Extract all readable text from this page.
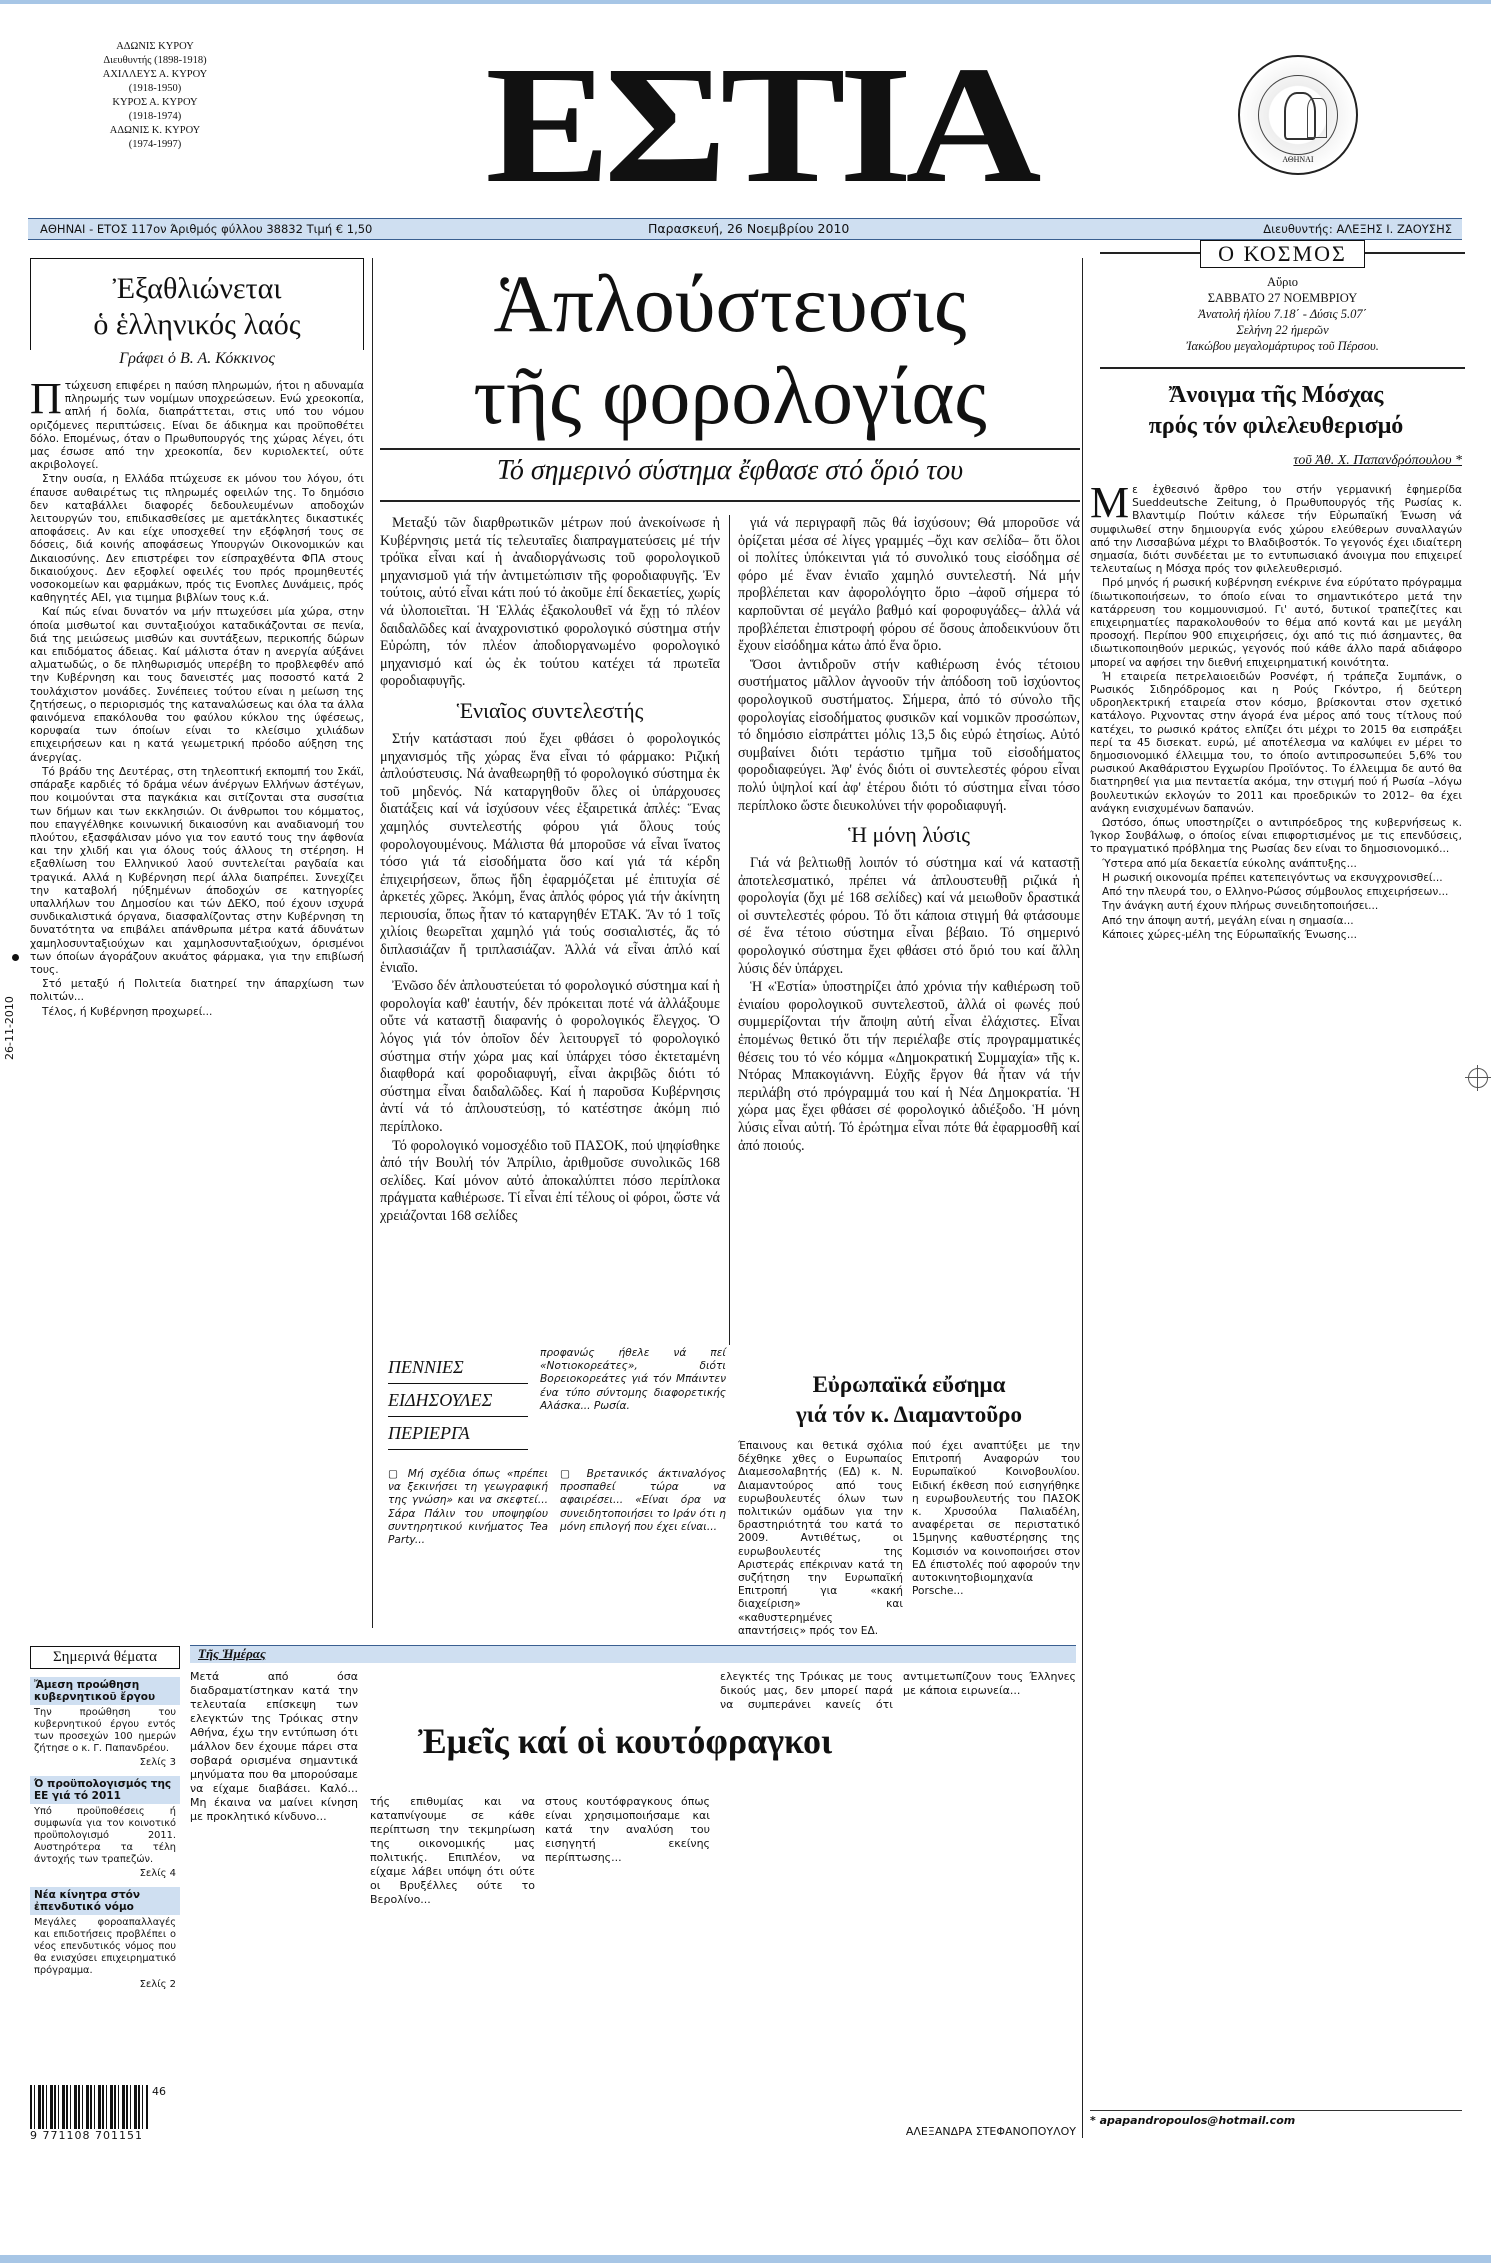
ΑΔΩΝΙΣ ΚΥΡΟΥ
Διευθυντής (1898-1918)
ΑΧΙΛΛΕΥΣ Α. ΚΥΡΟΥ
(1918-1950)
ΚΥΡΟΣ Α. ΚΥΡΟΥ
(1918-1974)
ΑΔΩΝΙΣ Κ. ΚΥΡΟΥ
(1974-1997)	ΕΣΤΙΑ	ΑΘΗΝΑΙ
ΑΘΗΝΑΙ - ΕΤΟΣ 117ον Άριθμός φύλλου 38832 Τιμή € 1,50	Παρασκευή, 26 Νοεμβρίου 2010	Διευθυντής: ΑΛΕΞΗΣ Ι. ΖΑΟΥΣΗΣ
26-11-2010
Ἐξαθλιώνεται
ὁ ἑλληνικός λαός
Γράφει ὁ Β. Α. Κόκκινος
Π τώχευση επιφέρει η παύση πληρωμών, ήτοι η αδυναμία πληρωμής των νομίμων υποχρεώσεων. Ενώ χρεοκοπία, απλή ή δολία, διαπράττεται, στις υπό του νόμου οριζόμενες περιπτώσεις. Είναι δε άδικημα και προϋποθέτει δόλο. Επομένως, όταν ο Πρωθυπουργός της χώρας λέγει, ότι μας έσωσε από την χρεοκοπία, δεν κυριολεκτεί, ούτε ακριβολογεί.

Στην ουσία, η Ελλάδα πτώχευσε εκ μόνου του λόγου, ότι έπαυσε αυθαιρέτως τις πληρωμές οφειλών της. Το δημόσιο δεν καταβάλλει διαφορές δεδουλευμένων αποδοχών λειτουργών του, επιδικασθείσες με αμετάκλητες δικαστικές αποφάσεις. Αν και είχε υποσχεθεί την εξόφλησή τους σε δόσεις, διά κοινής αποφάσεως Υπουργών Οικονομικών και Δικαιοσύνης. Δεν επιστρέφει τον είσπραχθέντα ΦΠΑ στους δικαιούχους. Δεν εξοφλεί οφειλές του πρός προμηθευτές νοσοκομείων και φαρμάκων, πρός τις Ενοπλες Δυνάμεις, πρός καθηγητές ΑΕΙ, για τιμημα βιβλίων τους κ.ά.

Καί πώς είναι δυνατόν να μήν πτωχεύσει μία χώρα, στην όποία μισθωτοί και συνταξιούχοι καταδικάζονται σε πενία, διά της μειώσεως μισθών και συντάξεων, περικοπής δώρων και επιδόματος άδειας. Καί μάλιστα όταν η ανεργία αύξάνει αλματωδώς, ο δε πληθωρισμός υπερέβη το προβλεφθέν από την Κυβέρνηση και τους δανειστές μας ποσοστό κατά 2 τουλάχιστον μονάδες. Συνέπειες τούτου είναι η μείωση της ζητήσεως, ο περιορισμός της καταναλώσεως και όλα τα άλλα φαινόμενα επακόλουθα του φαύλου κύκλου της ύφέσεως, κορυφαία των όποίων είναι το κλείσιμο χιλιάδων επιχειρήσεων και η κατά γεωμετρική πρόοδο αύξηση της άνεργίας.

Τό βράδυ της Δευτέρας, στη τηλεοπτική εκπομπή του Σκάϊ, σπάραξε καρδιές τό δράμα νέων άνέργων Ελλήνων άστέγων, που κοιμούνται στα παγκάκια και σιτίζονται στα συσσίτια των δήμων και των εκκλησιών. Οι άνθρωποι του κόμματος, που επαγγέλθηκε κοινωνική δικαιοσύνη και αναδιανομή του πλούτου, εξασφάλισαν μόνο για τον εαυτό τους την άφθονία και την χλιδή και για όλους τούς άλλους τη στέρηση. Η εξαθλίωση του Ελληνικού λαού συντελείται ραγδαία και τραγικά. Αλλά η Κυβέρνηση περί άλλα διαπρέπει. Συνεχίζει την καταβολή ηύξημένων άποδοχών σε κατηγορίες υπαλλήλων του Δημοσίου και τών ΔΕΚΟ, πού έχουν ισχυρά συνδικαλιστικά όργανα, διασφαλίζοντας στην Κυβέρνηση τη δυνατότητα να επιβάλει απάνθρωπα μέτρα κατά άδυνάτων χαμηλοσυνταξιούχων και χαμηλοσυνταξιούχων, όρισμένοι των όποίων άγοράζουν ακυάτος φάρμακα, για την επιβίωσή τους.

Στό μεταξύ ή Πολιτεία διατηρεί την άπαρχίωση των πολιτών...

Τέλος, ή Κυβέρνηση προχωρεί...

Ἁπλούστευσις
τῆς φορολογίας
Τό σημερινό σύστημα ἔφθασε στό ὅριό του

Μεταξύ τῶν διαρθρωτικῶν μέτρων πού ἀνεκοίνωσε ἡ Κυβέρνησις μετά τίς τελευταῖες διαπραγματεύσεις μέ τήν τρόϊκα εἶναι καί ἡ ἀναδιοργάνωσις τοῦ φορολογικοῦ μηχανισμοῦ γιά τήν ἀντιμετώπισιν τῆς φοροδιαφυγῆς. Ἐν τούτοις, αὐτό εἶναι κάτι πού τό ἀκοῦμε ἐπί δεκαετίες, χωρίς νά ὑλοποιεῖται. Ἡ Ἑλλάς ἐξακολουθεῖ νά ἔχῃ τό πλέον δαιδαλῶδες καί ἀναχρονιστικό φορολογικό σύστημα στήν Εὐρώπη, τόν πλέον ἀποδιοργανωμένο φορολογικό μηχανισμό καί ὡς ἐκ τούτου κατέχει τά πρωτεῖα φοροδιαφυγῆς.

Ἑνιαῖος συντελεστής

Στήν κατάστασι πού ἔχει φθάσει ὁ φορολογικός μηχανισμός τῆς χώρας ἕνα εἶναι τό φάρμακο: Ριζική ἁπλούστευσις. Νά ἀναθεωρηθῇ τό φορολογικό σύστημα ἐκ τοῦ μηδενός. Νά καταργηθοῦν ὅλες οἱ ὑπάρχουσες διατάξεις καί νά ἰσχύσουν νέες ἐξαιρετικά ἁπλές: Ἕνας χαμηλός συντελεστής φόρου γιά ὅλους τούς φορολογουμένους. Μάλιστα θά μποροῦσε νά εἶναι ἴνατος τόσο γιά τά εἰσοδήματα ὅσο καί γιά τά κέρδη ἐπιχειρήσεων, ὅπως ἤδη ἐφαρμόζεται μέ ἐπιτυχία σέ ἀρκετές χῶρες. Ἀκόμη, ἕνας ἁπλός φόρος γιά τήν ἀκίνητη περιουσία, ὅπως ἦταν τό καταργηθέν ΕΤΑΚ. Ἄν τό 1 τοῖς χιλίοις θεωρεῖται χαμηλό γιά τούς σοσιαλιστές, ἄς τό διπλασιάζαν ἤ τριπλασιάζαν. Ἀλλά νά εἶναι ἁπλό καί ἑνιαῖο.

Ἐνῶσο δέν ἁπλουστεύεται τό φορολογικό σύστημα καί ἡ φορολογία καθ' ἑαυτήν, δέν πρόκειται ποτέ νά ἀλλάξουμε οὔτε νά καταστῇ διαφανής ὁ φορολογικός ἔλεγχος. Ὁ λόγος γιά τόν ὁποῖον δέν λειτουργεῖ τό φορολογικό σύστημα στήν χώρα μας καί ὑπάρχει τόσο ἐκτεταμένη διαφθορά καί φοροδιαφυγή, εἶναι ἀκριβῶς διότι τό σύστημα εἶναι δαιδαλῶδες. Καί ἡ παροῦσα Κυβέρνησις ἀντί νά τό ἁπλουστεύσῃ, τό κατέστησε ἀκόμη πιό περίπλοκο.

Τό φορολογικό νομοσχέδιο τοῦ ΠΑΣΟΚ, πού ψηφίσθηκε ἀπό τήν Βουλή τόν Ἀπρίλιο, ἀριθμοῦσε συνολικῶς 168 σελίδες. Καί μόνον αὐτό ἀποκαλύπτει πόσο περίπλοκα πράγματα καθιέρωσε. Τί εἶναι ἐπί τέλους οἱ φόροι, ὥστε νά χρειάζονται 168 σελίδες

γιά νά περιγραφῆ πῶς θά ἰσχύσουν; Θά μποροῦσε νά ὁρίζεται μέσα σέ λίγες γραμμές –ὄχι καν σελίδα– ὅτι ὅλοι οἱ πολίτες ὑπόκεινται γιά τό συνολικό τους εἰσόδημα σέ φόρο μέ ἕναν ἑνιαῖο χαμηλό συντελεστή. Νά μήν προβλέπεται καν ἀφορολόγητο ὅριο –ἀφοῦ σήμερα τό καρποῦνται σέ μεγάλο βαθμό καί φοροφυγάδες– ἀλλά νά προβλέπεται ἐπιστροφή φόρου σέ ὅσους ἀποδεικνύουν ὅτι ἔχουν εἰσόδημα κάτω ἀπό ἕνα ὅριο.

Ὅσοι ἀντιδροῦν στήν καθιέρωση ἑνός τέτοιου συστήματος μᾶλλον ἀγνοοῦν τήν ἀπόδοση τοῦ ἰσχύοντος φορολογικοῦ συστήματος. Σήμερα, ἀπό τό σύνολο τῆς φορολογίας εἰσοδήματος φυσικῶν καί νομικῶν προσώπων, τό δημόσιο εἰσπράττει μόλις 13,5 δις εὐρώ ἐτησίως. Αὐτό συμβαίνει διότι τεράστιο τμῆμα τοῦ εἰσοδήματος φοροδιαφεύγει. Ἀφ' ἑνός διότι οἱ συντελεστές φόρου εἶναι πολύ ὑψηλοί καί ἀφ' ἑτέρου διότι τό σύστημα εἶναι τόσο περίπλοκο ὥστε διευκολύνει τήν φοροδιαφυγή.

Ἡ μόνη λύσις

Γιά νά βελτιωθῇ λοιπόν τό σύστημα καί νά καταστῇ ἀποτελεσματικό, πρέπει νά ἁπλουστευθῇ ριζικά ἡ φορολογία (ὄχι μέ 168 σελίδες) καί νά μειωθοῦν δραστικά οἱ συντελεστές φόρου. Τό ὅτι κάποια στιγμή θά φτάσουμε σέ ἕνα τέτοιο σύστημα εἶναι βέβαιο. Τό σημερινό φορολογικό σύστημα ἔχει φθάσει στό ὅριό του καί ἄλλη λύσις δέν ὑπάρχει.

Ἡ «Ἑστία» ὑποστηρίζει ἀπό χρόνια τήν καθιέρωση τοῦ ἑνιαίου φορολογικοῦ συντελεστοῦ, ἀλλά οἱ φωνές πού συμμερίζονται τήν ἄποψη αὐτή εἶναι ἐλάχιστες. Εἶναι ἐπομένως θετικό ὅτι τήν περιέλαβε στίς προγραμματικές θέσεις του τό νέο κόμμα «Δημοκρατική Συμμαχία» τῆς κ. Ντόρας Μπακογιάννη. Εὐχῆς ἔργον θά ἦταν νά τήν περιλάβη στό πρόγραμμά του καί ἡ Νέα Δημοκρατία. Ἡ χώρα μας ἔχει φθάσει σέ φορολογικό ἀδιέξοδο. Ἡ μόνη λύσις εἶναι αὐτή. Τό ἐρώτημα εἶναι πότε θά ἐφαρμοσθῆ καί ἀπό ποιούς.

ΠΕΝΝΙΕΣ
ΕΙΔΗΣΟΥΛΕΣ
ΠΕΡΙΕΡΓΑ
προφανώς ήθελε νά πεί «Νοτιοκορεάτες», διότι Βορειοκορεάτες γιά τόν Μπάιντεν ένα τύπο σύντομης διαφορετικής Αλάσκα... Ρωσία.
▢ Μή σχέδια όπως «πρέπει να ξεκινήσει τη γεωγραφική της γνώση» και να σκεφτεί... Σάρα Πάλιν του υποψηφίου συντηρητικού κινήματος Tea Party...
▢ Βρετανικός άκτιναλόγος προσπαθεί τώρα να αφαιρέσει... «Είναι όρα να συνειδητοποιήσει το Ιράν ότι η μόνη επιλογή που έχει είναι...
Εὐρωπαϊκά εὔσημα
γιά τόν κ. Διαμαντοῦρο
Έπαινους και θετικά σχόλια δέχθηκε χθες ο Ευρωπαίος Διαμεσολαβητής (ΕΔ) κ. Ν. Διαμαντούρος από τους ευρωβουλευτές όλων των πολιτικών ομάδων για την δραστηριότητά του κατά το 2009. Αντιθέτως, οι ευρωβουλευτές της Αριστεράς επέκριναν κατά τη συζήτηση την Ευρωπαϊκή Επιτροπή για «κακή διαχείριση» και «καθυστερημένες απαντήσεις» πρός τον ΕΔ.
πού έχει αναπτύξει με την Επιτροπή Αναφορών του Ευρωπαϊκού Κοινοβουλίου. Ειδική έκθεση πού εισηγήθηκε η ευρωβουλευτής του ΠΑΣΟΚ κ. Χρυσούλα Παλιαδέλη, αναφέρεται σε περιστατικό 15μηνης καθυστέρησης της Κομισιόν να κοινοποιήσει στον ΕΔ έπιστολές πού αφορούν την αυτοκινητοβιομηχανία Porsche...
Ο ΚΟΣΜΟΣ
Αὔριο
ΣΑΒΒΑΤΟ 27 ΝΟΕΜΒΡΙΟΥ
Ἀνατολή ἡλίου 7.18΄ - Δύσις 5.07΄
Σελήνη 22 ἡμερῶν
Ἰακώβου μεγαλομάρτυρος τοῦ Πέρσου.
Ἄνοιγμα τῆς Μόσχας
πρός τόν φιλελευθερισμό
τοῦ Ἀθ. Χ. Παπανδρόπουλου *
Μ ε ἐχθεσινό ἄρθρο του στήν γερμανική ἐφημερίδα Sueddeutsche Zeitung, ὁ Πρωθυπουργός τῆς Ρωσίας κ. Βλαντιμίρ Πούτιν κάλεσε τήν Εὐρωπαϊκή Ένωση νά συμφιλωθεί στην δημιουργία ενός χώρου ελεύθερων συναλλαγών από την Λισσαβώνα μέχρι το Βλαδιβοστόκ. Το γεγονός έχει ιδιαίτερη σημασία, διότι συνδέεται με το εντυπωσιακό άνοιγμα που επιχειρεί τελευταίως η Μόσχα πρός τον φιλελευθερισμό.

Πρό μηνός ή ρωσική κυβέρνηση ενέκρινε ένα εύρύτατο πρόγραμμα ίδιωτικοποιήσεων, το όποίο είναι το σημαντικότερο μετά την κατάρρευση του κομμουνισμού. Γι' αυτό, δυτικοί τραπεζίτες και επιχειρηματίες παρακολουθούν το θέμα από κοντά και με μεγάλη προσοχή. Περίπου 900 επιχειρήσεις, όχι από τις πιό άσημαντες, θα ιδιωτικοποιηθούν μερικώς, γεγονός πού κάθε άλλο παρά αδιάφορο μπορεί να αφήσει την διεθνή επιχειρηματική κοινότητα.

Ή εταιρεία πετρελαιοειδών Ροσνέφτ, ή τράπεζα Συμπάνκ, ο Ρωσικός Σιδηρόδρομος και η Ρούς Γκόντρο, ή δεύτερη υδροηλεκτρική εταιρεία στον κόσμο, βρίσκονται στον σχετικό κατάλογο. Ριχνοντας στην άγορά ένα μέρος από τους τίτλους πού κατέχει, το ρωσικό κράτος ελπίζει ότι μέχρι το 2015 θα εισπράξει περί τα 45 δισεκατ. ευρώ, μέ αποτέλεσμα να καλύψει εν μέρει το δημοσιονομικό έλλειμμα του, το όποίο αντιπροσωπεύει 5,6% του ρωσικού Ακαθάριστου Εγχωρίου Προϊόντος. Το έλλειμμα δε αυτό θα διατηρηθεί για μια πενταετία ακόμα, την στιγμή πού ή Ρωσία –λόγω βουλευτικών εκλογών το 2011 και προεδρικών το 2012– θα έχει ανάγκη ενισχυμένων δαπανών.

Ωστόσο, όπως υποστηρίζει ο αντιπρόεδρος της κυβερνήσεως κ. Ίγκορ Σουβάλωφ, ο όποίος είναι επιφορτισμένος με τις επενδύσεις, το πραγματικό πρόβλημα της Ρωσίας δεν είναι το δημοσιονομικό...

Ύστερα από μία δεκαετία εύκολης ανάπτυξης...

Η ρωσική οικονομία πρέπει κατεπειγόντως να εκσυγχρονισθεί...

Από την πλευρά του, ο Ελληνο-Ρώσος σύμβουλος επιχειρήσεων...

Την άνάγκη αυτή έχουν πλήρως συνειδητοποιήσει...

Από την άποψη αυτή, μεγάλη είναι η σημασία...

Κάποιες χώρες-μέλη της Εύρωπαϊκής Ένωσης...

* apapandropoulos@hotmail.com
Σημερινά θέματα
Ἄμεση προώθηση κυβερνητικοῦ ἔργου
Την προώθηση του κυβερνητικού έργου εντός των προσεχών 100 ημερών ζήτησε ο κ. Γ. Παπανδρέου.
Σελίς 3
Ό προϋπολογισμός της ΕΕ γιά τό 2011
Υπό προϋποθέσεις ή συμφωνία για τον κοινοτικό προϋπολογισμό 2011. Αυστηρότερα τα τέλη άντοχής των τραπεζών.
Σελίς 4
Νέα κίνητρα στόν ἐπενδυτικό νόμο
Μεγάλες φοροαπαλλαγές και επιδοτήσεις προβλέπει ο νέος επενδυτικός νόμος που θα ενισχύσει επιχειρηματικό πρόγραμμα.
Σελίς 2
46
9 771108 701151
Τῆς Ἡμέρας
Μετά από όσα διαδραματίστηκαν κατά την τελευταία επίσκεψη των ελεγκτών της Τρόικας στην Αθήνα, έχω την εντύπωση ότι μάλλον δεν έχουμε πάρει στα σοβαρά ορισμένα σημαντικά μηνύματα που θα μπορούσαμε να είχαμε διαβάσει. Καλό... Μη έκαινα να μαίνει κίνηση με προκλητικό κίνδυνο...
Ἐμεῖς καί οἱ κουτόφραγκοι
τής επιθυμίας και να καταπνίγουμε σε κάθε περίπτωση την τεκμηρίωση της οικονομικής μας πολιτικής. Επιπλέον, να είχαμε λάβει υπόψη ότι ούτε οι Βρυξέλλες ούτε το Βερολίνο...
στους κουτόφραγκους όπως είναι χρησιμοποιήσαμε και κατά την αναλύση του εισηγητή εκείνης περίπτωσης...
ελεγκτές της Τρόικας με τους δικούς μας, δεν μπορεί παρά να συμπεράνει κανείς ότι αντιμετωπίζουν τους Έλληνες με κάποια ειρωνεία...
ΑΛΕΞΑΝΔΡΑ ΣΤΕΦΑΝΟΠΟΥΛΟΥ
